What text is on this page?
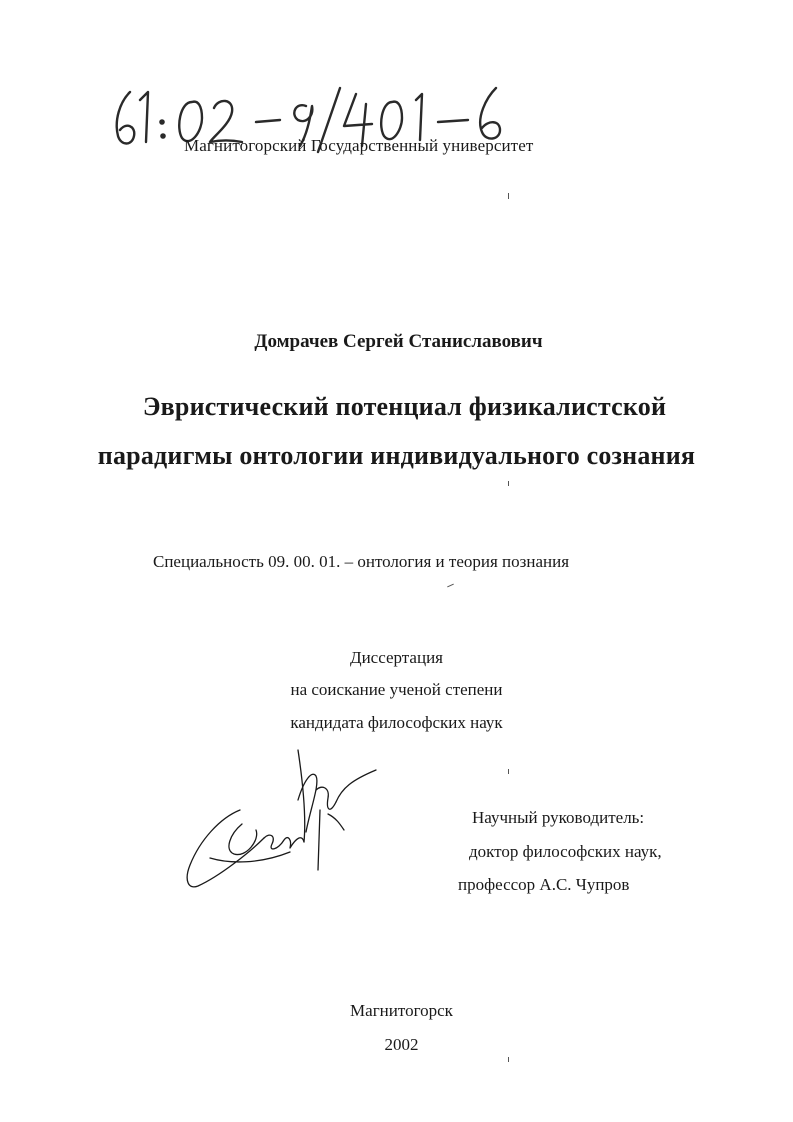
Магнитогорский Государственный университет
Домрачев Сергей Станиславович
Эвристический потенциал физикалистской
парадигмы онтологии индивидуального сознания
Специальность 09. 00. 01. – онтология и теория познания
Диссертация
на соискание ученой степени
кандидата философских наук
Научный руководитель:
доктор философских наук,
профессор А.С. Чупров
Магнитогорск
2002
